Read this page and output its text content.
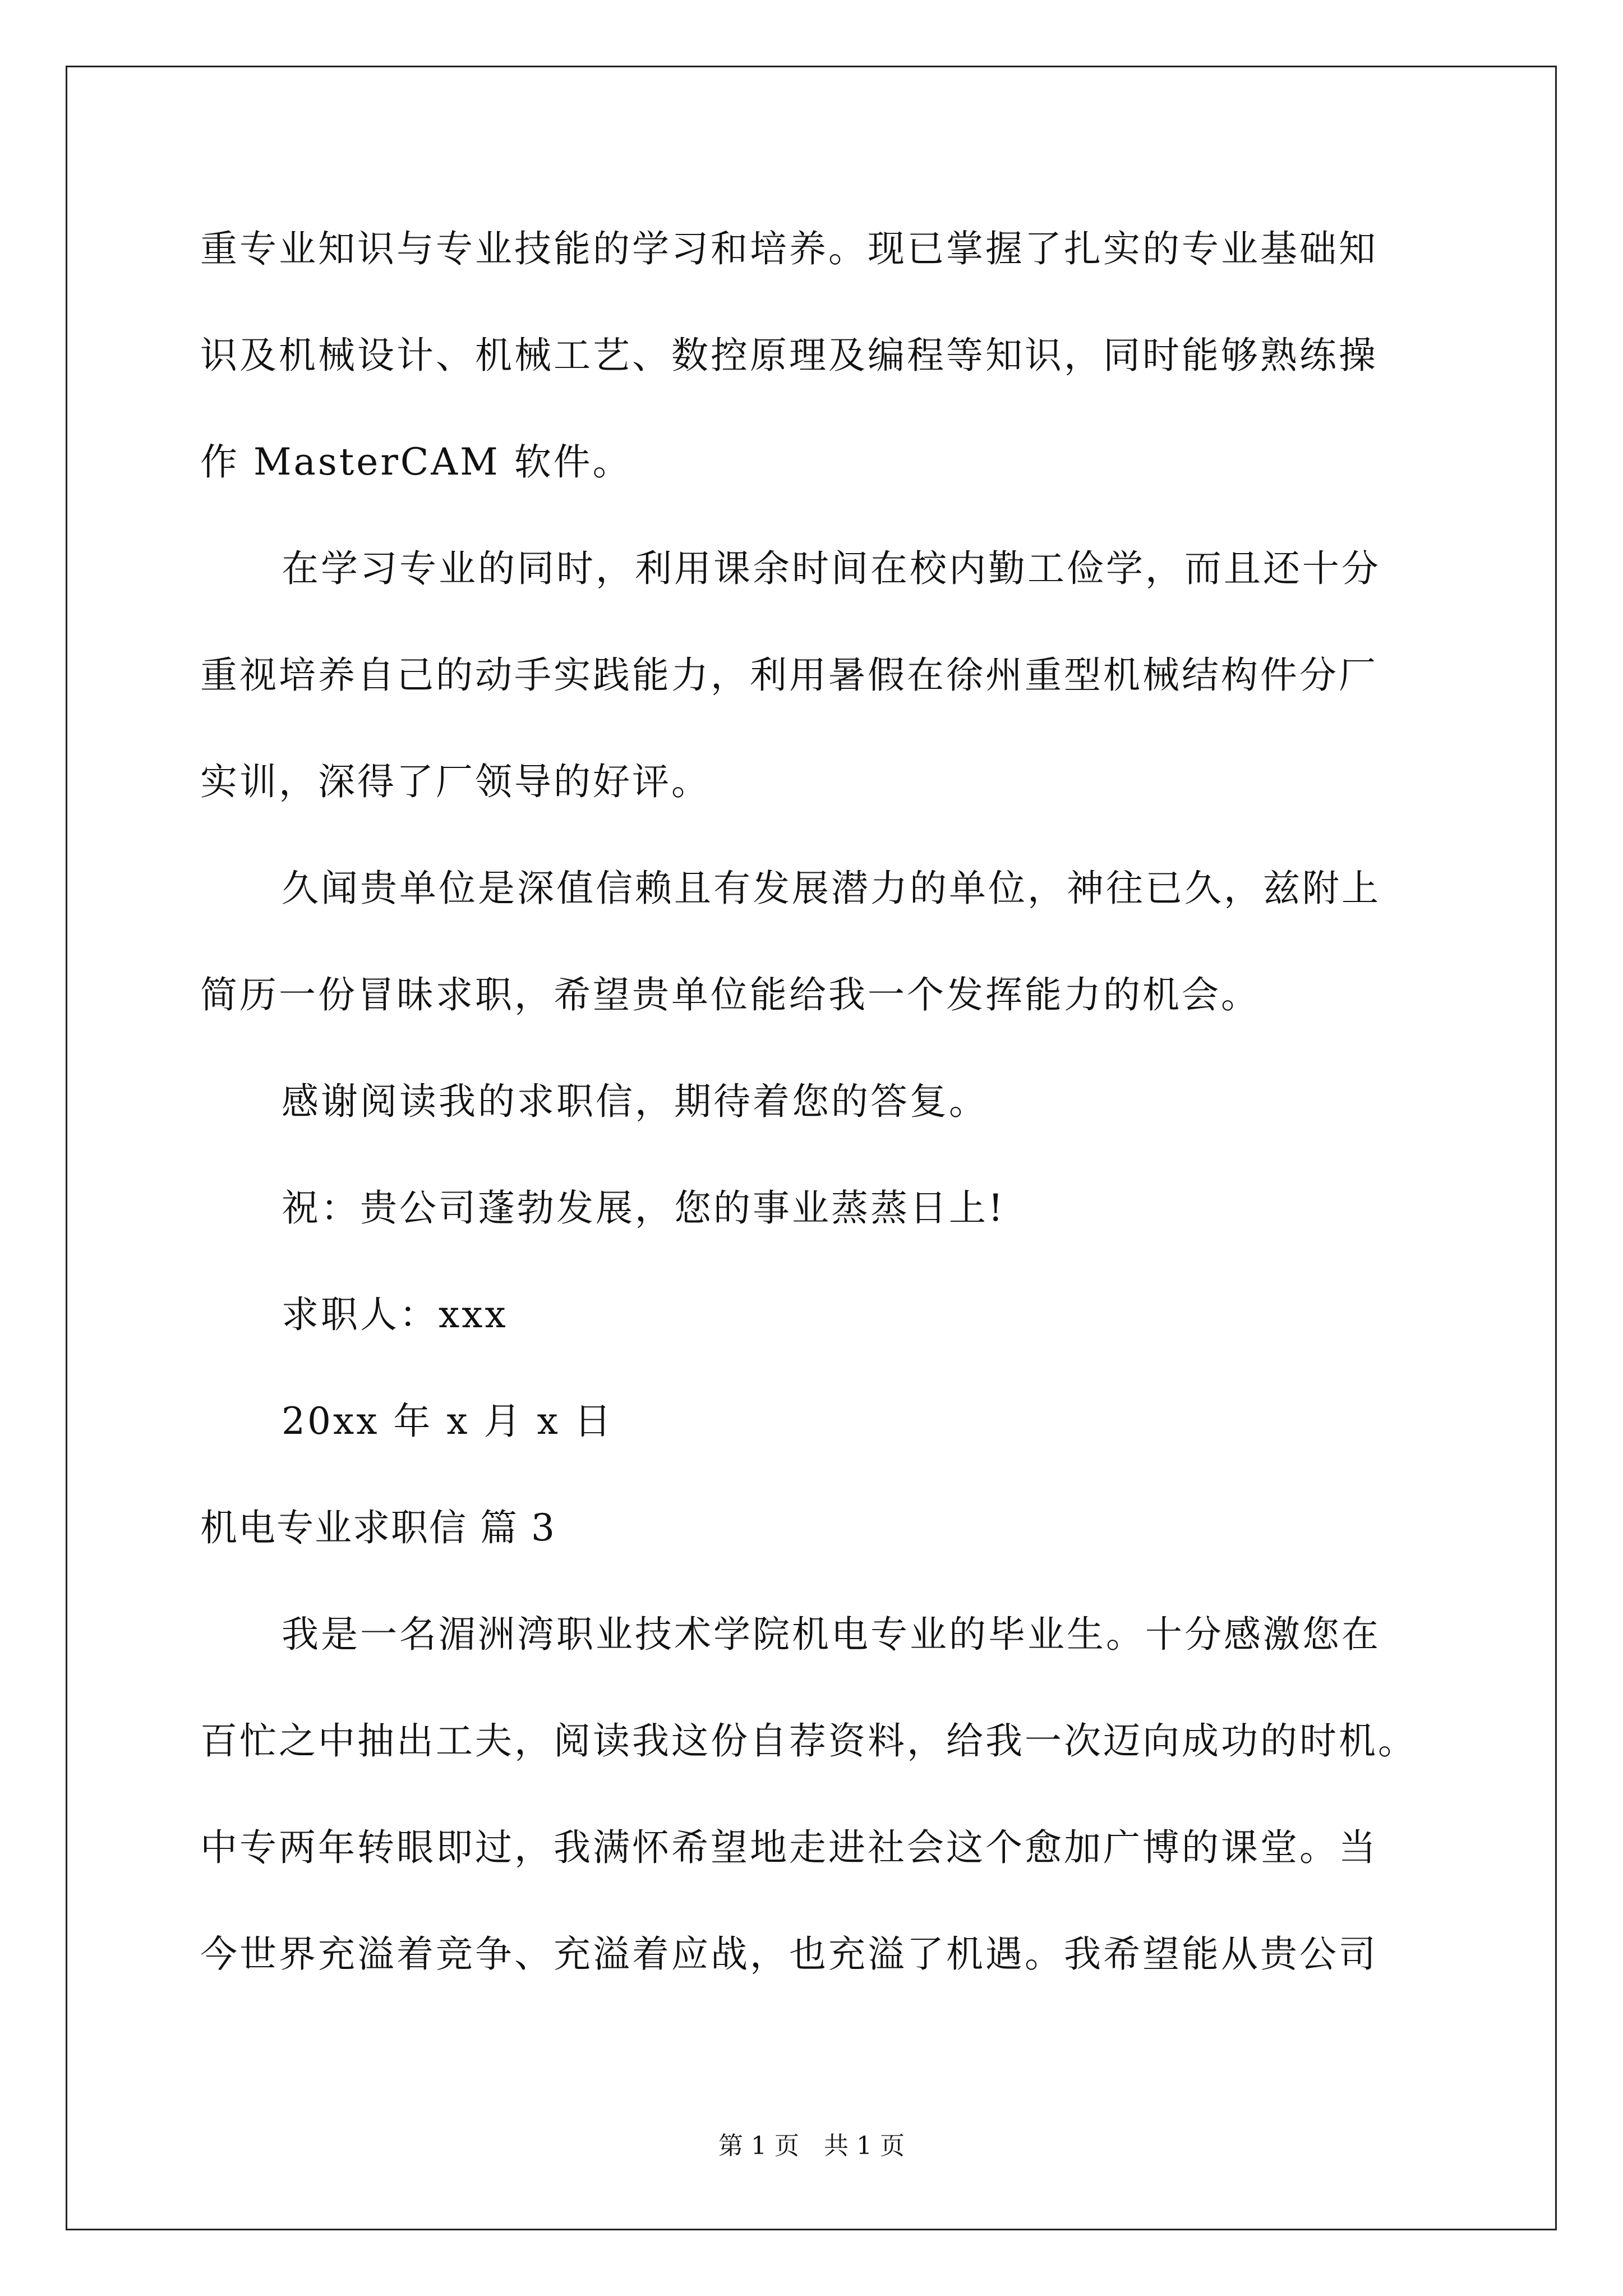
重专业知识与专业技能的学习和培养。现已掌握了扎实的专业基础知
识及机械设计、机械工艺、数控原理及编程等知识，同时能够熟练操
作 MasterCAM 软件。
在学习专业的同时，利用课余时间在校内勤工俭学，而且还十分
重视培养自己的动手实践能力，利用暑假在徐州重型机械结构件分厂
实训，深得了厂领导的好评。
久闻贵单位是深值信赖且有发展潜力的单位，神往已久，兹附上
简历一份冒昧求职，希望贵单位能给我一个发挥能力的机会。
感谢阅读我的求职信，期待着您的答复。
祝：贵公司蓬勃发展，您的事业蒸蒸日上!
求职人：xxx
20xx 年 x 月 x 日
机电专业求职信 篇 3
我是一名湄洲湾职业技术学院机电专业的毕业生。十分感激您在
百忙之中抽出工夫，阅读我这份自荐资料，给我一次迈向成功的时机。
中专两年转眼即过，我满怀希望地走进社会这个愈加广博的课堂。当
今世界充溢着竞争、充溢着应战，也充溢了机遇。我希望能从贵公司
第 1 页　共 1 页
